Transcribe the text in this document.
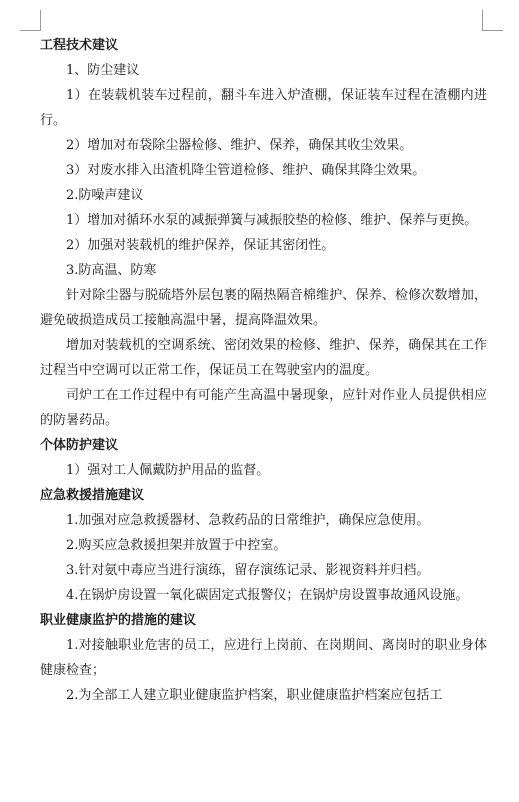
工程技术建议

1、防尘建议

1）在装载机装车过程前，翻斗车进入炉渣棚，保证装车过程在渣棚内进行。

2）增加对布袋除尘器检修、维护、保养，确保其收尘效果。

3）对废水排入出渣机降尘管道检修、维护、确保其降尘效果。

2.防噪声建议

1）增加对循环水泵的减振弹簧与减振胶垫的检修、维护、保养与更换。

2）加强对装载机的维护保养，保证其密闭性。

3.防高温、防寒

针对除尘器与脱硫塔外层包裹的隔热隔音棉维护、保养、检修次数增加，避免破损造成员工接触高温中暑，提高降温效果。

增加对装载机的空调系统、密闭效果的检修、维护、保养，确保其在工作过程当中空调可以正常工作，保证员工在驾驶室内的温度。

司炉工在工作过程中有可能产生高温中暑现象，应针对作业人员提供相应的防暑药品。

个体防护建议

1）强对工人佩戴防护用品的监督。

应急救援措施建议

1.加强对应急救援器材、急救药品的日常维护，确保应急使用。

2.购买应急救援担架并放置于中控室。

3.针对氨中毒应当进行演练，留存演练记录、影视资料并归档。

4.在锅炉房设置一氧化碳固定式报警仪；在锅炉房设置事故通风设施。

职业健康监护的措施的建议

1.对接触职业危害的员工，应进行上岗前、在岗期间、离岗时的职业身体健康检查；

2.为全部工人建立职业健康监护档案，职业健康监护档案应包括工
